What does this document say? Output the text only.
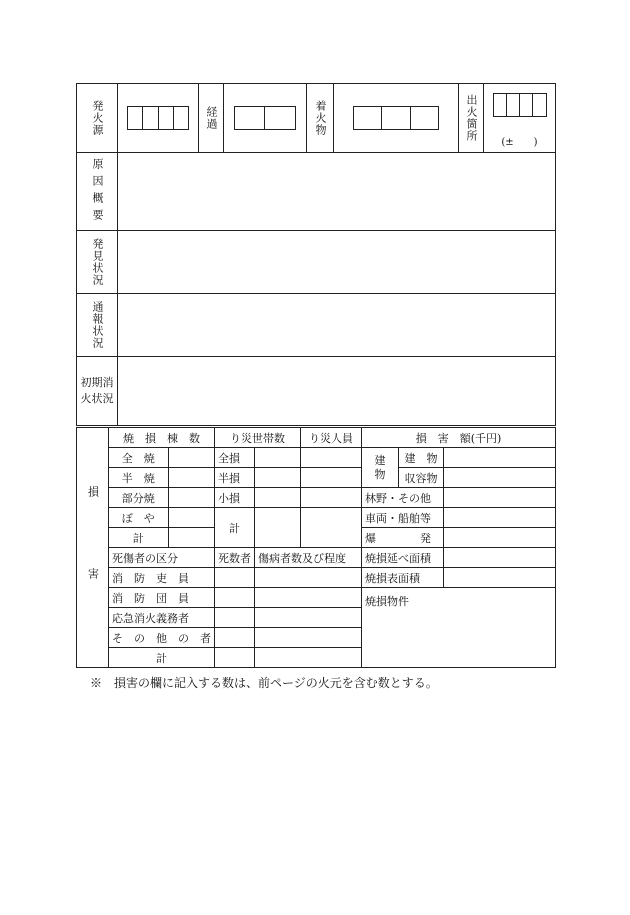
発火源		経過		着火物		出火箇所	(±　　)

原因概要							

発見状況							

通報状況							

初期消火状況							

損　害	焼　損　棟　数		り災世帯数		り災人員	損　害　額(千円)		
	全　焼		全損			建物	建　物	
	半　焼		半損				収容物	
	部分焼		小損			林野・その他		
	ぼ　や		計			車両・船舶等		
	計					爆　　　　発		
	死傷者の区分		死数者	傷病者数及び程度		焼損延べ面積		
	消　防　吏　員					焼損表面積		
	消　防　団　員					焼損物件		
	応急消火義務者							
	そ　の　他　の　者							
	計							
※　損害の欄に記入する数は、前ページの火元を含む数とする。
